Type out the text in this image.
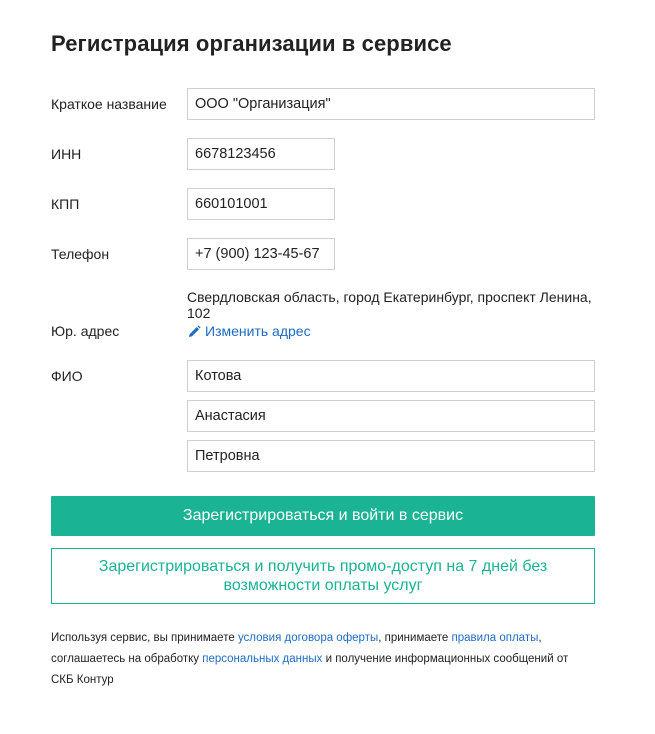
Регистрация организации в сервисе
Краткое название
ООО "Организация"
ИНН
6678123456
КПП
660101001
Телефон
+7 (900) 123-45-67
Свердловская область, город Екатеринбург, проспект Ленина, 102
Юр. адрес	Изменить адрес
ФИО
Котова
Анастасия
Петровна
Зарегистрироваться и войти в сервис
Зарегистрироваться и получить промо-доступ на 7 дней без возможности оплаты услуг
Используя сервис, вы принимаете условия договора оферты, принимаете правила оплаты, соглашаетесь на обработку персональных данных и получение информационных сообщений от СКБ Контур
